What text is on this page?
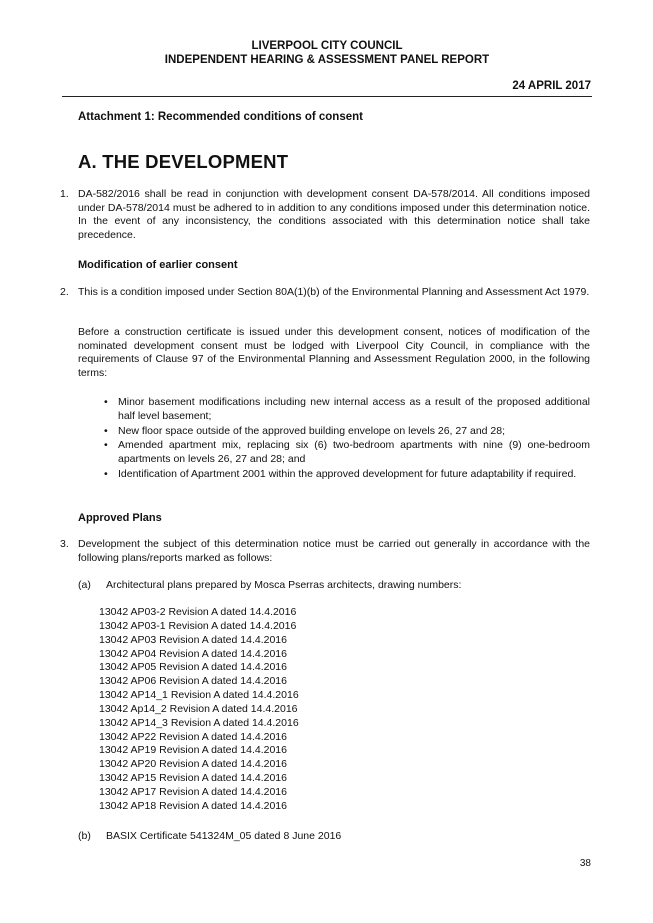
LIVERPOOL CITY COUNCIL
INDEPENDENT HEARING & ASSESSMENT PANEL REPORT
24 APRIL 2017
Attachment 1: Recommended conditions of consent
A. THE DEVELOPMENT
1. DA-582/2016 shall be read in conjunction with development consent DA-578/2014. All conditions imposed under DA-578/2014 must be adhered to in addition to any conditions imposed under this determination notice. In the event of any inconsistency, the conditions associated with this determination notice shall take precedence.
Modification of earlier consent
2. This is a condition imposed under Section 80A(1)(b) of the Environmental Planning and Assessment Act 1979.
Before a construction certificate is issued under this development consent, notices of modification of the nominated development consent must be lodged with Liverpool City Council, in compliance with the requirements of Clause 97 of the Environmental Planning and Assessment Regulation 2000, in the following terms:
• Minor basement modifications including new internal access as a result of the proposed additional half level basement;
• New floor space outside of the approved building envelope on levels 26, 27 and 28;
• Amended apartment mix, replacing six (6) two-bedroom apartments with nine (9) one-bedroom apartments on levels 26, 27 and 28; and
• Identification of Apartment 2001 within the approved development for future adaptability if required.
Approved Plans
3. Development the subject of this determination notice must be carried out generally in accordance with the following plans/reports marked as follows:
(a) Architectural plans prepared by Mosca Pserras architects, drawing numbers:
13042 AP03-2 Revision A dated 14.4.2016
13042 AP03-1 Revision A dated 14.4.2016
13042 AP03 Revision A dated 14.4.2016
13042 AP04 Revision A dated 14.4.2016
13042 AP05 Revision A dated 14.4.2016
13042 AP06 Revision A dated 14.4.2016
13042 AP14_1 Revision A dated 14.4.2016
13042 Ap14_2 Revision A dated 14.4.2016
13042 AP14_3 Revision A dated 14.4.2016
13042 AP22 Revision A dated 14.4.2016
13042 AP19 Revision A dated 14.4.2016
13042 AP20 Revision A dated 14.4.2016
13042 AP15 Revision A dated 14.4.2016
13042 AP17 Revision A dated 14.4.2016
13042 AP18 Revision A dated 14.4.2016
(b) BASIX Certificate 541324M_05 dated 8 June 2016
38
